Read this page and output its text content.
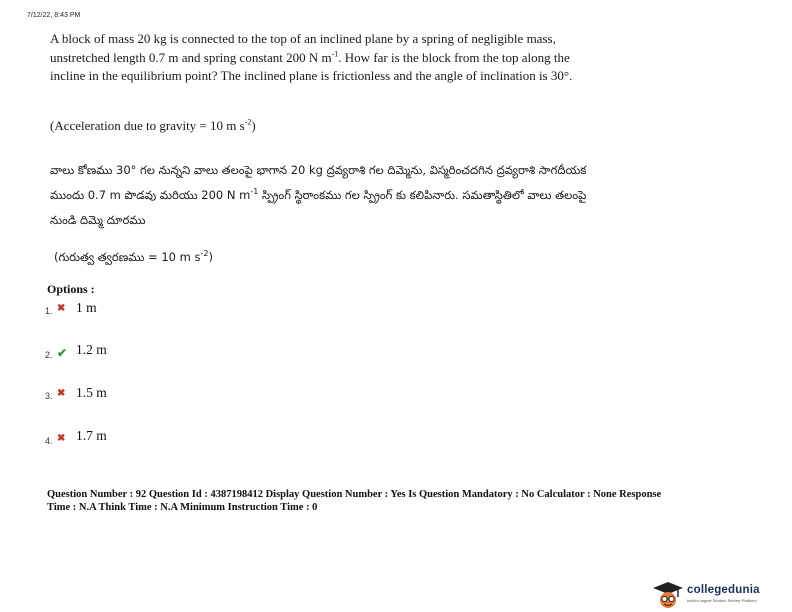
7/12/22, 8:43 PM
A block of mass 20 kg is connected to the top of an inclined plane by a spring of negligible mass, unstretched length 0.7 m and spring constant 200 N $m^{-1}$. How far is the block from the top along the incline in the equilibrium point? The inclined plane is frictionless and the angle of inclination is 30°.
(Acceleration due to gravity = 10 m $s^{-2}$)
వాలు కోణము 30° గల నున్నని వాలు తలంపై భాగాన 20 kg ద్రవ్యరాశి గల దిమ్మెను, విస్మరించదగిన ద్రవ్యరాశి సాగదీయక ముందు 0.7 m పొడవు మరియు 200 N $m^{-1}$ స్ప్రింగ్ స్థిరాంకము గల స్ప్రింగ్ కు కలిపినారు. సమతాస్థితిలో వాలు తలంపై నుండి దిమ్మె దూరము
(గురుత్వ త్వరణము = 10 m $s^{-2}$)
Options :
1. ✖ 1 m
2. ✔ 1.2 m
3. ✖ 1.5 m
4. ✖ 1.7 m
Question Number : 92 Question Id : 4387198412 Display Question Number : Yes Is Question Mandatory : No Calculator : None Response
Time : N.A Think Time : N.A Minimum Instruction Time : 0
collegedunia
India's largest Student Review Platform
